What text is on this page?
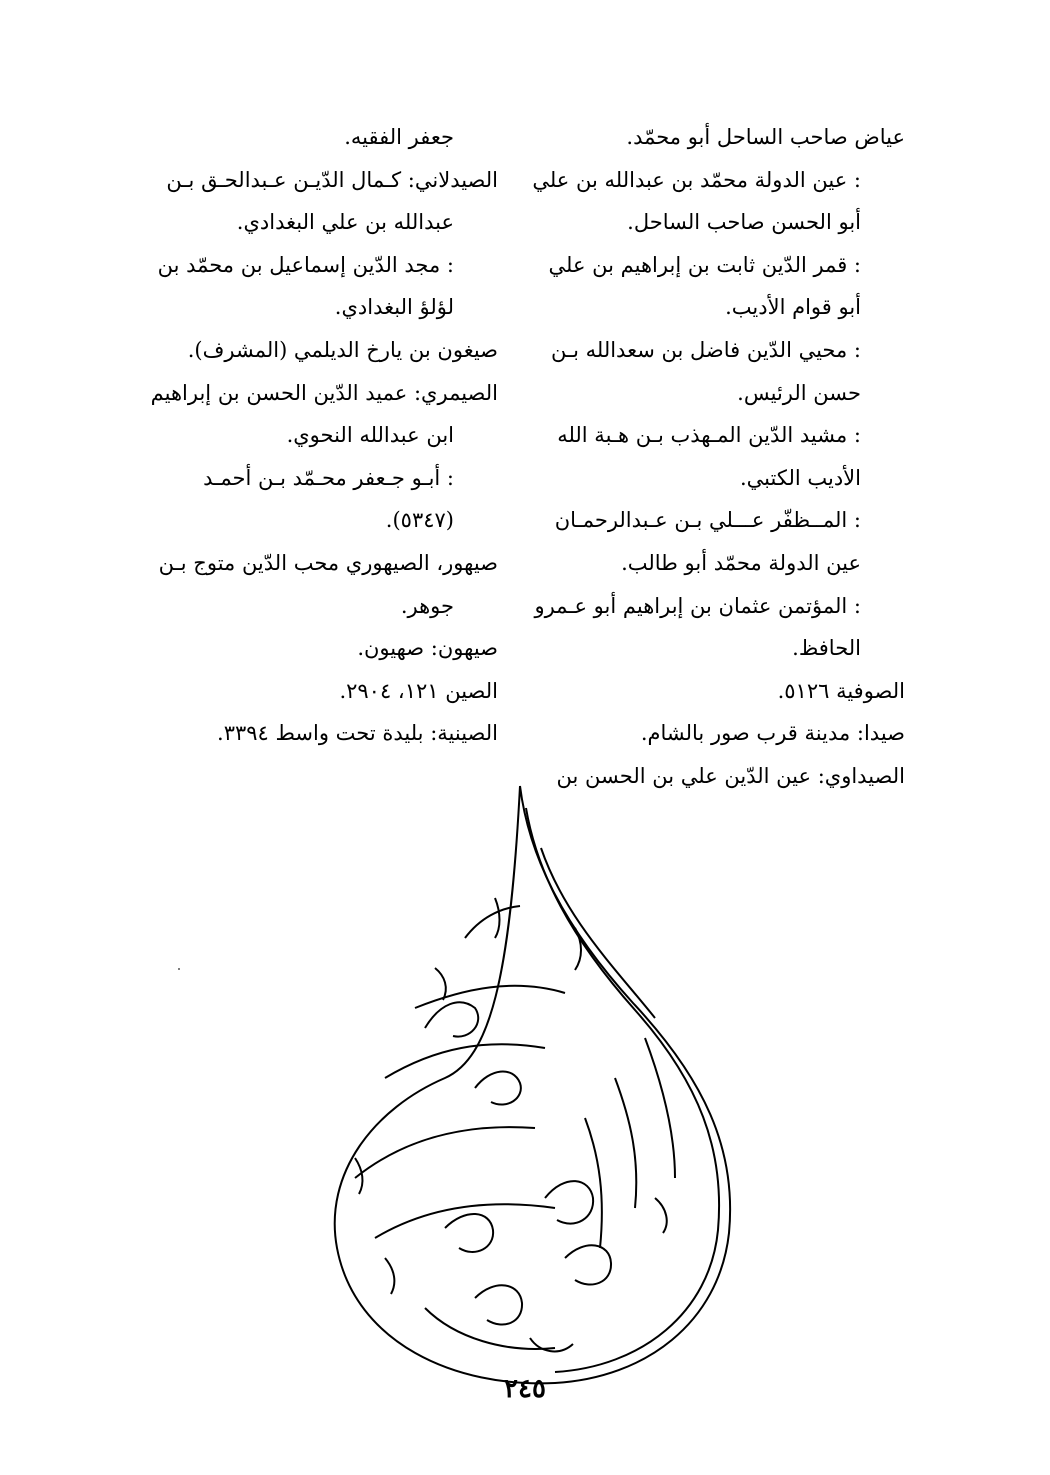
عياض صاحب الساحل أبو محمّد.
: عين الدولة محمّد بن عبدالله بن علي
أبو الحسن صاحب الساحل.
: قمر الدّين ثابت بن إبراهيم بن علي
أبو قوام الأديب.
: محيي الدّين فاضل بن سعدالله بـن
حسن الرئيس.
: مشيد الدّين المـهذب بـن هـبة الله
الأديب الكتبي.
: المــظفّر عـــلي بـن عـبدالرحمـان
عين الدولة محمّد أبو طالب.
: المؤتمن عثمان بن إبراهيم أبو عـمرو
الحافظ.
الصوفية ٥١٢٦.
صيدا: مدينة قرب صور بالشام.
الصيداوي: عين الدّين علي بن الحسن بن
جعفر الفقيه.
الصيدلاني: كـمال الدّيـن عـبدالحـق بـن
عبدالله بن علي البغدادي.
: مجد الدّين إسماعيل بن محمّد بن
لؤلؤ البغدادي.
صيغون بن يارخ الديلمي (المشرف).
الصيمري: عميد الدّين الحسن بن إبراهيم
ابن عبدالله النحوي.
: أبـو جـعفر محـمّد بـن أحمـد
(٥٣٤٧).
صيهور، الصيهوري محب الدّين متوج بـن
جوهر.
صيهون: صهيون.
الصين ١٢١، ٢٩٠٤.
الصينية: بليدة تحت واسط ٣٣٩٤.
٢٤٥
